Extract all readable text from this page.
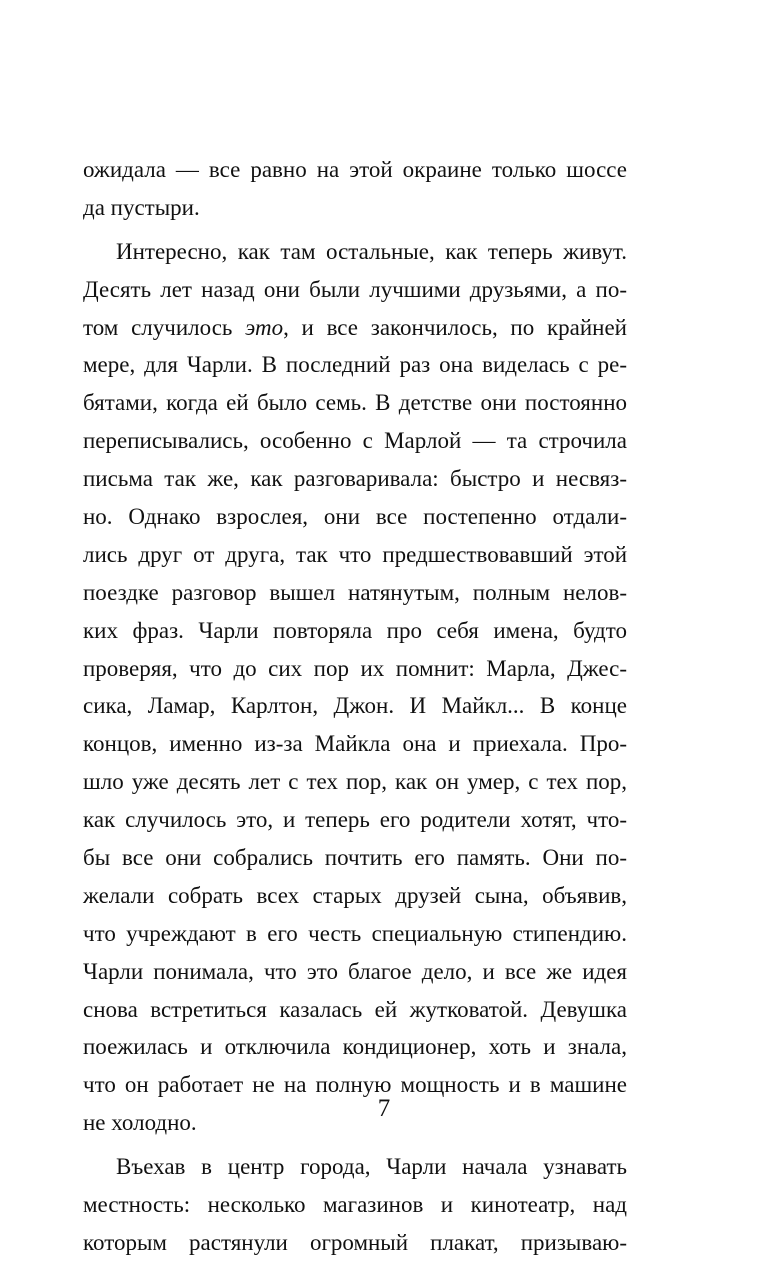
ожидала — все равно на этой окраине только шоссе
да пустыри.
Интересно, как там остальные, как теперь живут.
Десять лет назад они были лучшими друзьями, а по-
том случилось это, и все закончилось, по крайней
мере, для Чарли. В последний раз она виделась с ре-
бятами, когда ей было семь. В детстве они постоянно
переписывались, особенно с Марлой — та строчила
письма так же, как разговаривала: быстро и несвяз-
но. Однако взрослея, они все постепенно отдали-
лись друг от друга, так что предшествовавший этой
поездке разговор вышел натянутым, полным нелов-
ких фраз. Чарли повторяла про себя имена, будто
проверяя, что до сих пор их помнит: Марла, Джес-
сика, Ламар, Карлтон, Джон. И Майкл... В конце
концов, именно из-за Майкла она и приехала. Про-
шло уже десять лет с тех пор, как он умер, с тех пор,
как случилось это, и теперь его родители хотят, что-
бы все они собрались почтить его память. Они по-
желали собрать всех старых друзей сына, объявив,
что учреждают в его честь специальную стипендию.
Чарли понимала, что это благое дело, и все же идея
снова встретиться казалась ей жутковатой. Девушка
поежилась и отключила кондиционер, хоть и знала,
что он работает не на полную мощность и в машине
не холодно.
Въехав в центр города, Чарли начала узнавать
местность: несколько магазинов и кинотеатр, над
которым растянули огромный плакат, призываю-
7
